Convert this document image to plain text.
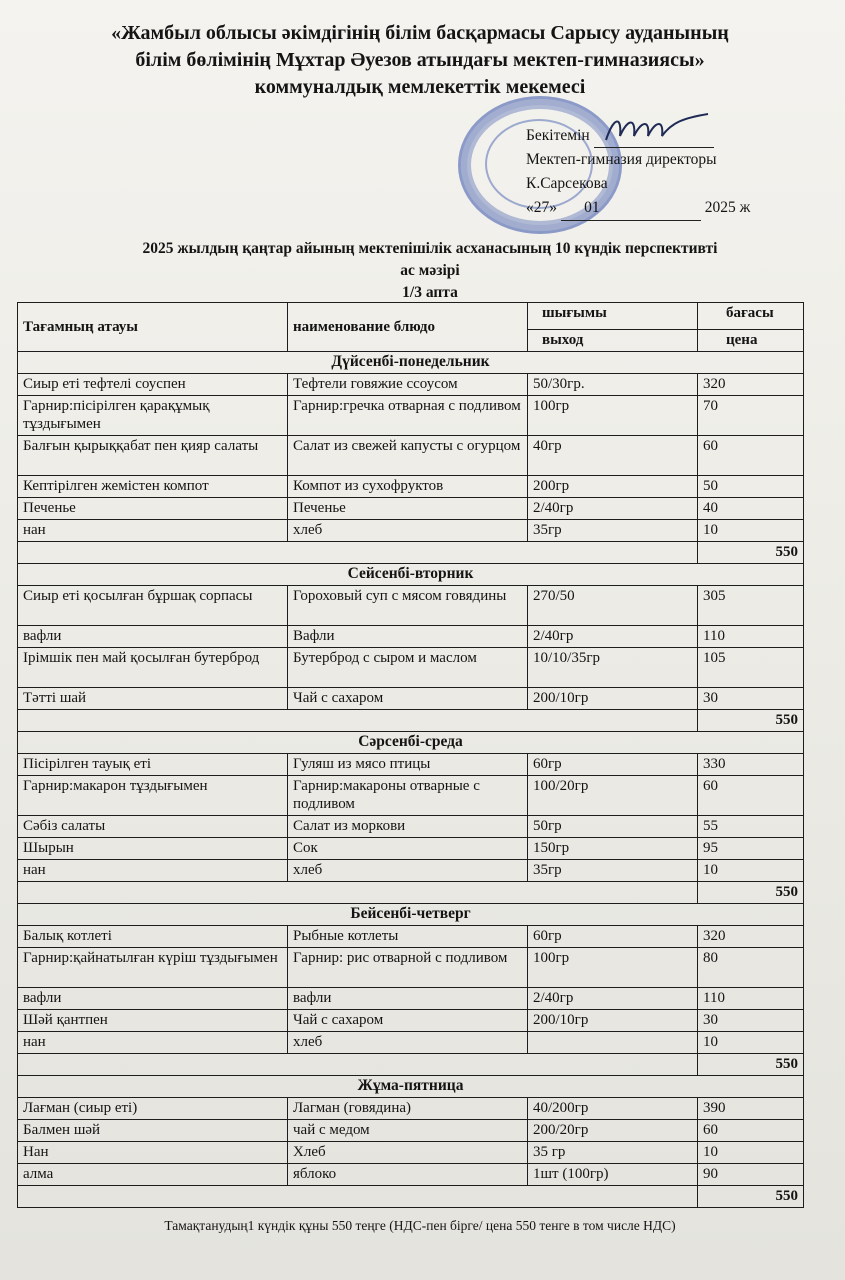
«Жамбыл облысы әкімдігінің білім басқармасы Сарысу ауданының
білім бөлімінің Мұхтар Әуезов атындағы мектеп-гимназиясы»
коммуналдық мемлекеттік мекемесі
Бекітемін
Мектеп-гимназия директоры
К.Сарсекова
«27» 01	2025 ж
2025 жылдың қаңтар айының мектепішілік асханасының 10 күндік перспективті
ас мәзірі
1/3 апта
Тағамның атауы	наименование блюдо	шығымы	бағасы
		выход	цена
Дүйсенбі-понедельник			
Сиыр еті тефтелі соуспен	Тефтели говяжие ссоусом	50/30гр.	320
Гарнир:пісірілген қарақұмық тұздығымен	Гарнир:гречка отварная с подливом	100гр	70
Балғын қырыққабат пен қияр салаты	Салат из свежей капусты с огурцом	40гр	60
Кептірілген жемістен компот	Компот из сухофруктов	200гр	50
Печенье	Печенье	2/40гр	40
нан	хлеб	35гр	10
			550
Сейсенбі-вторник			
Сиыр еті қосылған бұршақ сорпасы	Гороховый суп с мясом говядины	270/50	305
вафли	Вафли	2/40гр	110
Ірімшік пен май қосылған бутерброд	Бутерброд с сыром и маслом	10/10/35гр	105
Тәтті шай	Чай с сахаром	200/10гр	30
			550
Сәрсенбі-среда			
Пісірілген тауық еті	Гуляш из мясо птицы	60гр	330
Гарнир:макарон тұздығымен	Гарнир:макароны отварные с подливом	100/20гр	60
Сәбіз салаты	Салат из моркови	50гр	55
Шырын	Сок	150гр	95
нан	хлеб	35гр	10
			550
Бейсенбі-четверг			
Балық котлеті	Рыбные котлеты	60гр	320
Гарнир:қайнатылған күріш тұздығымен	Гарнир: рис отварной с подливом	100гр	80
вафли	вафли	2/40гр	110
Шәй қантпен	Чай с сахаром	200/10гр	30
нан	хлеб		10
			550
Жұма-пятница			
Лағман (сиыр еті)	Лагман (говядина)	40/200гр	390
Балмен шәй	чай с медом	200/20гр	60
Нан	Хлеб	35 гр	10
алма	яблоко	1шт (100гр)	90
			550
Тамақтанудың1 күндік құны 550 теңге (НДС-пен бірге/ цена 550 тенге в том числе НДС)
